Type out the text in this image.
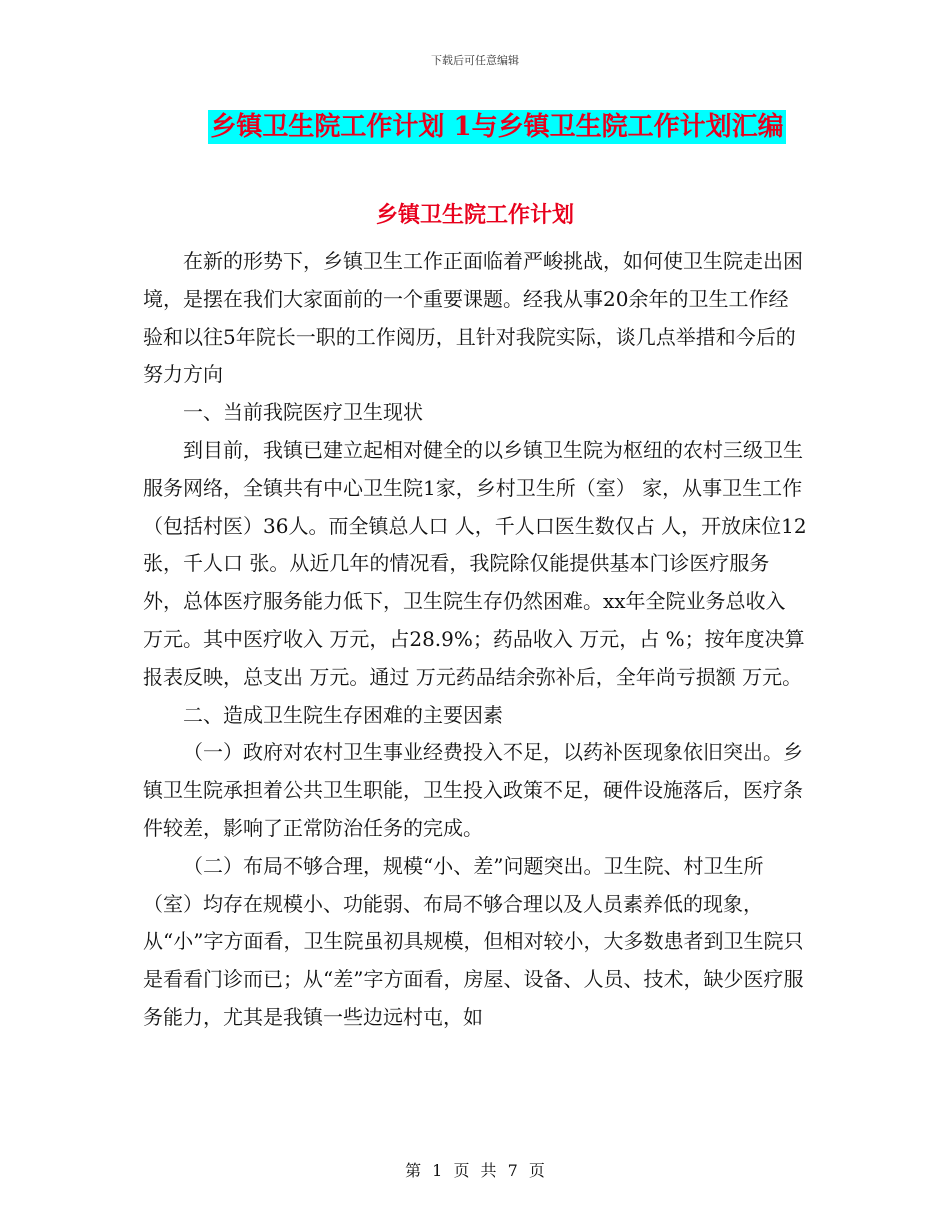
下载后可任意编辑
乡镇卫生院工作计划 1与乡镇卫生院工作计划汇编
乡镇卫生院工作计划

在新的形势下，乡镇卫生工作正面临着严峻挑战，如何使卫生院走出困境，是摆在我们大家面前的一个重要课题。经我从事20余年的卫生工作经验和以往5年院长一职的工作阅历，且针对我院实际，谈几点举措和今后的努力方向

一、当前我院医疗卫生现状

到目前，我镇已建立起相对健全的以乡镇卫生院为枢纽的农村三级卫生服务网络，全镇共有中心卫生院1家，乡村卫生所（室） 家，从事卫生工作（包括村医）36人。而全镇总人口 人，千人口医生数仅占 人，开放床位12张，千人口 张。从近几年的情况看，我院除仅能提供基本门诊医疗服务外，总体医疗服务能力低下，卫生院生存仍然困难。xx年全院业务总收入 万元。其中医疗收入 万元，占28.9%；药品收入 万元，占 %；按年度决算报表反映，总支出 万元。通过 万元药品结余弥补后，全年尚亏损额 万元。

二、造成卫生院生存困难的主要因素

（一）政府对农村卫生事业经费投入不足，以药补医现象依旧突出。乡镇卫生院承担着公共卫生职能，卫生投入政策不足，硬件设施落后，医疗条件较差，影响了正常防治任务的完成。

（二）布局不够合理，规模“小、差”问题突出。卫生院、村卫生所（室）均存在规模小、功能弱、布局不够合理以及人员素养低的现象，从“小”字方面看，卫生院虽初具规模，但相对较小，大多数患者到卫生院只是看看门诊而已；从“差”字方面看，房屋、设备、人员、技术，缺少医疗服务能力，尤其是我镇一些边远村屯，如

第 1 页 共 7 页
